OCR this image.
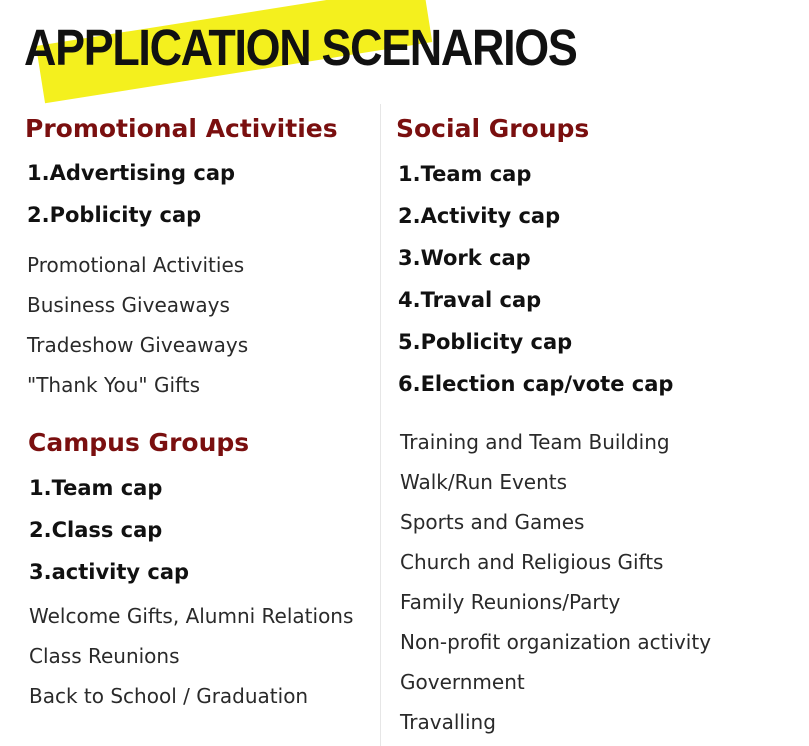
APPLICATION SCENARIOS
Promotional Activities
1.Advertising cap
2.Poblicity cap
Promotional Activities
Business Giveaways
Tradeshow Giveaways
"Thank You" Gifts
Campus Groups
1.Team cap
2.Class cap
3.activity cap
Welcome Gifts, Alumni Relations
Class Reunions
Back to School / Graduation
Social Groups
1.Team cap
2.Activity cap
3.Work cap
4.Traval cap
5.Poblicity cap
6.Election cap/vote cap
Training and Team Building
Walk/Run Events
Sports and Games
Church and Religious Gifts
Family Reunions/Party
Non-profit organization activity
Government
Travalling
